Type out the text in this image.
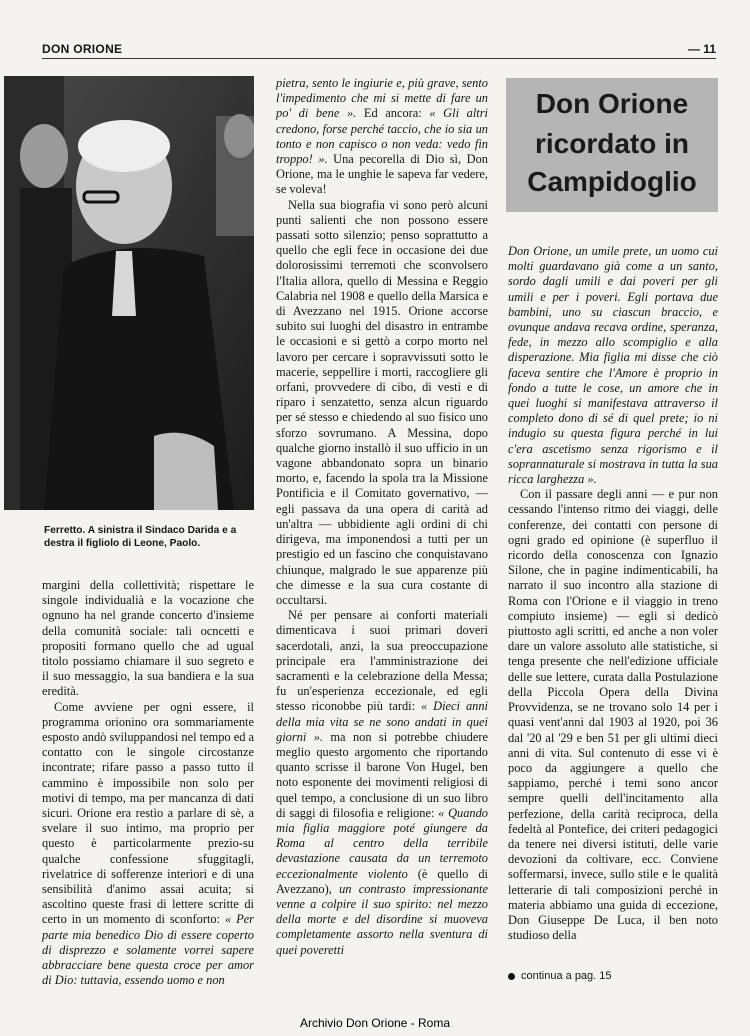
DON ORIONE	— 11
Ferretto. A sinistra il Sindaco Darida e a destra il figliolo di Leone, Paolo.
Don Orione
ricordato in
Campidoglio

margini della collettività; rispettare le singole individualià e la vocazione che ognuno ha nel grande concerto d'insieme della comunità sociale: tali ocncetti e propositi formano quello che ad ugual titolo possiamo chiamare il suo segreto e il suo messaggio, la sua bandiera e la sua eredità.

Come avviene per ogni essere, il programma orionino ora sommariamente esposto andò sviluppandosi nel tempo ed a contatto con le singole circostanze incontrate; rifare passo a passo tutto il cammino è impossibile non solo per motivi di tempo, ma per mancanza di dati sicuri. Orione era restìo a parlare di sè, a svelare il suo intimo, ma proprio per questo è particolarmente prezio-su qualche confessione sfuggitagli, rivelatrice di sofferenze interiori e di una sensibilità d'animo assai acuita; si ascoltino queste frasi di lettere scritte di certo in un momento di sconforto: « Per parte mia benedico Dio di essere coperto di disprezzo e solamente vorrei sapere abbracciare bene questa croce per amor di Dio: tuttavia, essendo uomo e non

pietra, sento le ingiurie e, più grave, sento l'impedimento che mi si mette di fare un po' di bene ». Ed ancora: « Gli altri credono, forse perché taccio, che io sia un tonto e non capisco o non veda: vedo fin troppo! ». Una pecorella di Dio sì, Don Orione, ma le unghie le sapeva far vedere, se voleva!

Nella sua biografia vi sono però alcuni punti salienti che non possono essere passati sotto silenzio; penso soprattutto a quello che egli fece in occasione dei due dolorosissimi terremoti che sconvolsero l'Italia allora, quello di Messina e Reggio Calabria nel 1908 e quello della Marsica e di Avezzano nel 1915. Orione accorse subito sui luoghi del disastro in entrambe le occasioni e si gettò a corpo morto nel lavoro per cercare i sopravvissuti sotto le macerie, seppellire i morti, raccogliere gli orfani, provvedere di cibo, di vesti e di riparo i senzatetto, senza alcun riguardo per sé stesso e chiedendo al suo fisico uno sforzo sovrumano. A Messina, dopo qualche giorno installò il suo ufficio in un vagone abbandonato sopra un binario morto, e, facendo la spola tra la Missione Pontificia e il Comitato governativo, — egli passava da una opera di carità ad un'altra — ubbidiente agli ordini di chi dirigeva, ma imponendosi a tutti per un prestigio ed un fascino che conquistavano chiunque, malgrado le sue apparenze più che dimesse e la sua cura costante di occultarsi.

Né per pensare ai conforti materiali dimenticava i suoi primari doveri sacerdotali, anzi, la sua preoccupazione principale era l'amministrazione dei sacramenti e la celebrazione della Messa; fu un'esperienza eccezionale, ed egli stesso riconobbe più tardi: « Dieci anni della mia vita se ne sono andati in quei giorni ». ma non si potrebbe chiudere meglio questo argomento che riportando quanto scrisse il barone Von Hugel, ben noto esponente dei movimenti religiosi di quel tempo, a conclusione di un suo libro di saggi di filosofia e religione: « Quando mia figlia maggiore poté giungere da Roma al centro della terribile devastazione causata da un terremoto eccezionalmente violento (è quello di Avezzano), un contrasto impressionante venne a colpire il suo spirito: nel mezzo della morte e del disordine si muoveva completamente assorto nella sventura di quei poveretti

Don Orione, un umile prete, un uomo cui molti guardavano già come a un santo, sordo dagli umili e dai poveri per gli umili e per i poveri. Egli portava due bambini, uno su ciascun braccio, e ovunque andava recava ordine, speranza, fede, in mezzo allo scompiglio e alla disperazione. Mia figlia mi disse che ciò faceva sentire che l'Amore è proprio in fondo a tutte le cose, un amore che in quei luoghi si manifestava attraverso il completo dono di sé di quel prete; io ni indugio su questa figura perché in lui c'era ascetismo senza rigorismo e il soprannaturale si mostrava in tutta la sua ricca larghezza ».

Con il passare degli anni — e pur non cessando l'intenso ritmo dei viaggi, delle conferenze, dei contatti con persone di ogni grado ed opinione (è superfluo il ricordo della conoscenza con Ignazio Silone, che in pagine indimenticabili, ha narrato il suo incontro alla stazione di Roma con l'Orione e il viaggio in treno compiuto insieme) — egli si dedicò piuttosto agli scritti, ed anche a non voler dare un valore assoluto alle statistiche, si tenga presente che nell'edizione ufficiale delle sue lettere, curata dalla Postulazione della Piccola Opera della Divina Provvidenza, se ne trovano solo 14 per i quasi vent'anni dal 1903 al 1920, poi 36 dal '20 al '29 e ben 51 per gli ultimi dieci anni di vita. Sul contenuto di esse vi è poco da aggiungere a quello che sappiamo, perché i temi sono ancor sempre quelli dell'incitamento alla perfezione, della carità reciproca, della fedeltà al Pontefice, dei criteri pedagogici da tenere nei diversi istituti, delle varie devozioni da coltivare, ecc. Conviene soffermarsi, invece, sullo stile e le qualità letterarie di tali composizioni perché in materia abbiamo una guida di eccezione, Don Giuseppe De Luca, il ben noto studioso della

continua a pag. 15
Archivio Don Orione - Roma
